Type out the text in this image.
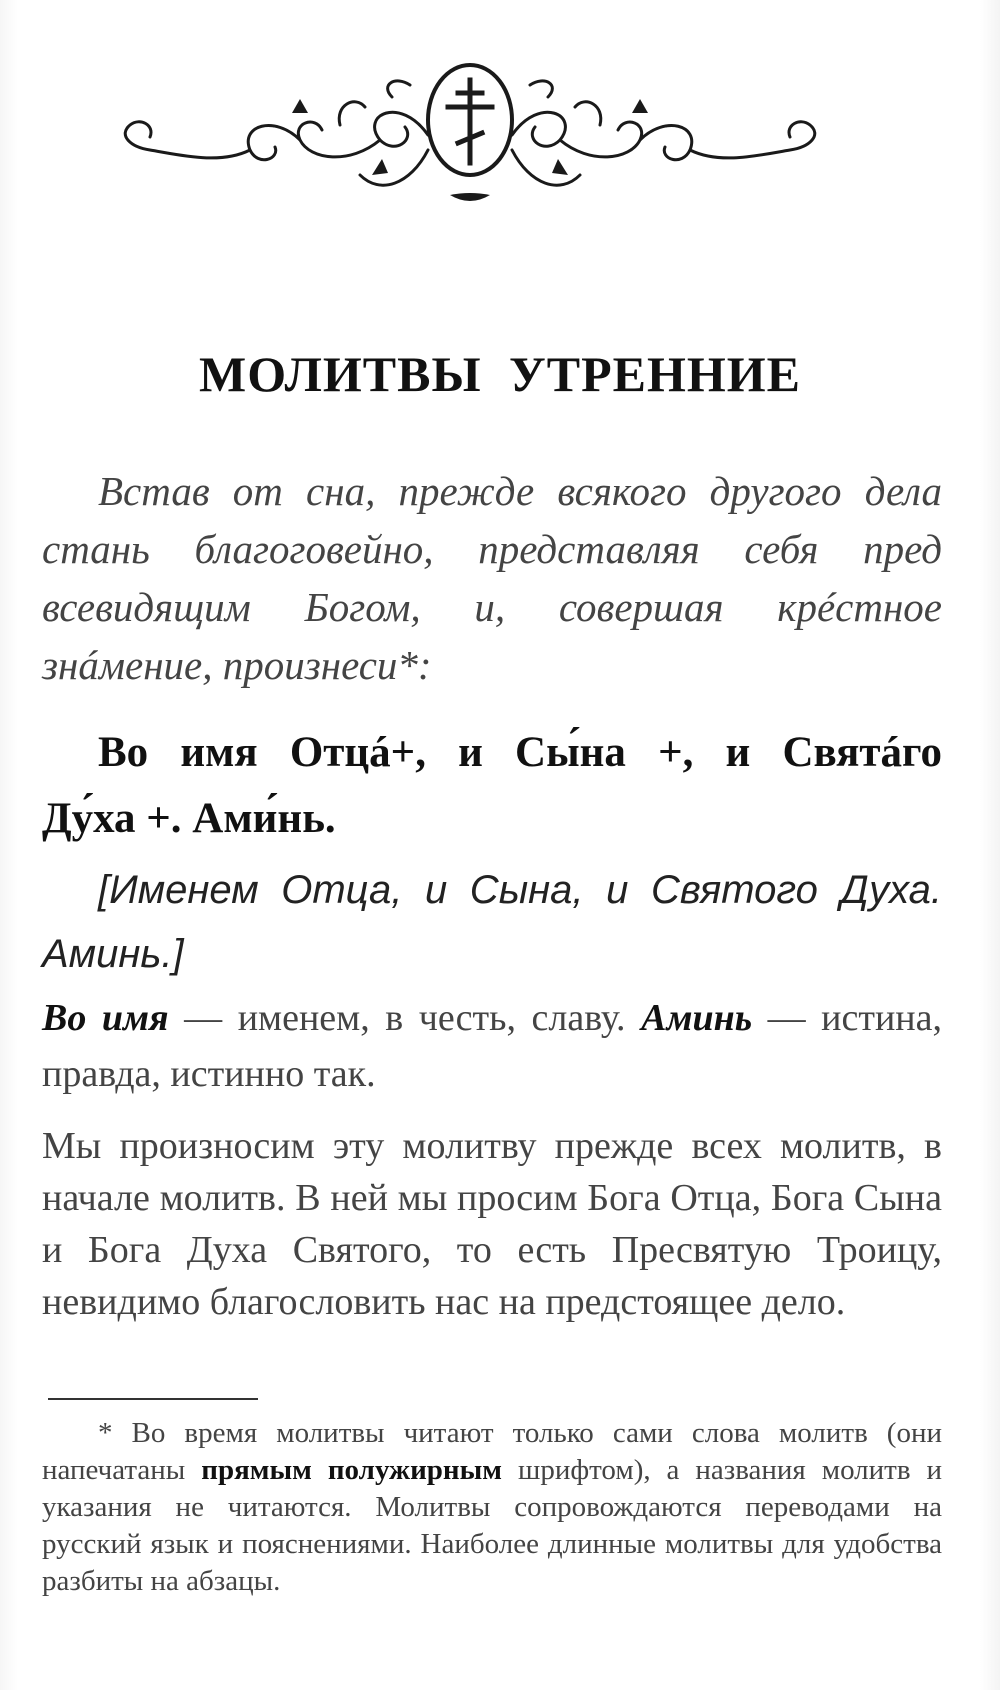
МОЛИТВЫ УТРЕННИЕ
Встав от сна, прежде всякого другого дела стань благоговейно, представляя себя пред всевидящим Богом, и, совершая крéстное знáмение, произнеси*:
Во имя Отцá+, и Сы́на +, и Святáго Ду́ха +. Ами́нь.
[Именем Отца, и Сына, и Святого Духа. Аминь.]
Во имя — именем, в честь, славу. Аминь — истина, правда, истинно так.
Мы произносим эту молитву прежде всех молитв, в начале молитв. В ней мы просим Бога Отца, Бога Сына и Бога Духа Святого, то есть Пресвятую Троицу, невидимо благословить нас на предстоящее дело.
* Во время молитвы читают только сами слова молитв (они напечатаны прямым полужирным шрифтом), а названия молитв и указания не читаются. Молитвы сопровождаются переводами на русский язык и пояснениями. Наиболее длинные молитвы для удобства разбиты на абзацы.
